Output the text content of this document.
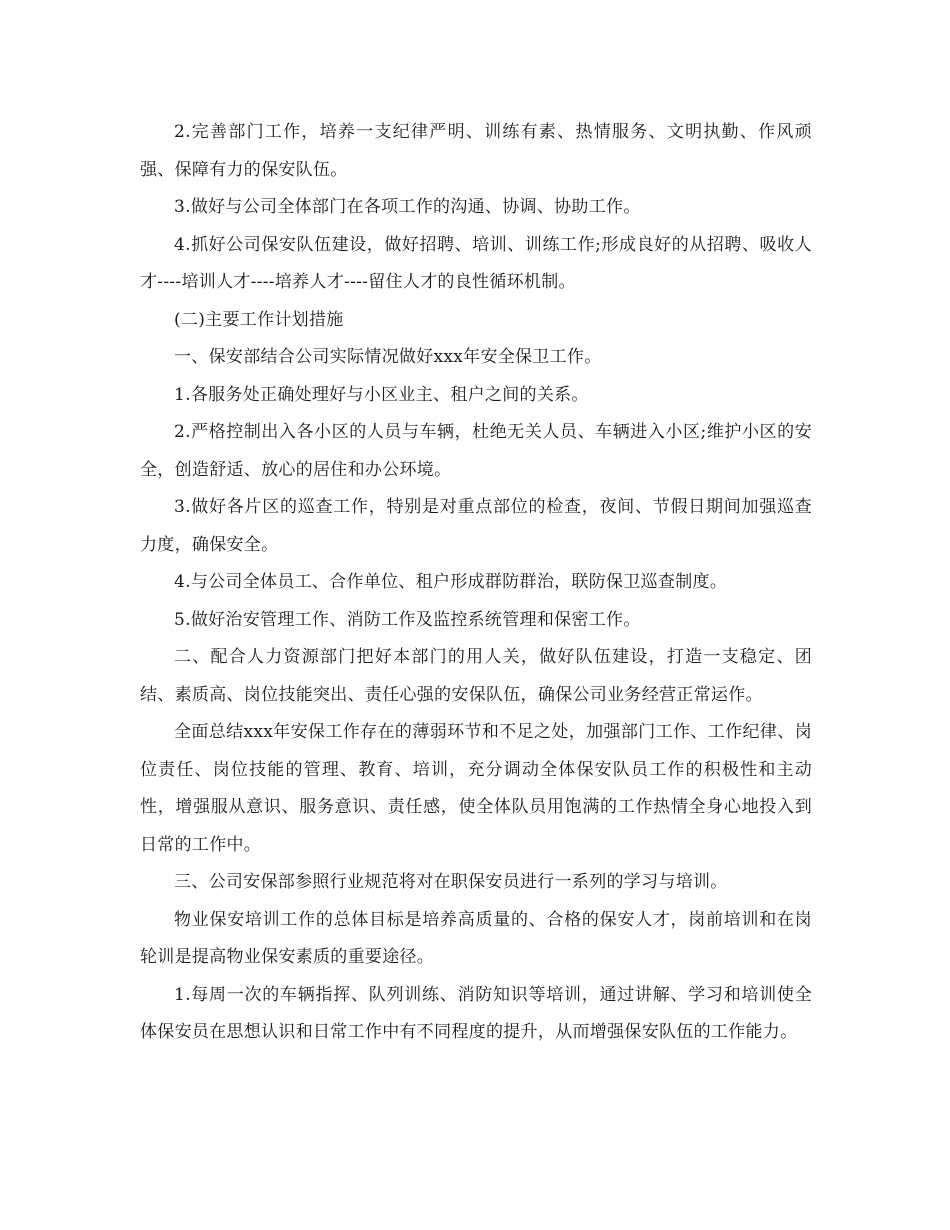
2.完善部门工作，培养一支纪律严明、训练有素、热情服务、文明执勤、作风顽强、保障有力的保安队伍。

3.做好与公司全体部门在各项工作的沟通、协调、协助工作。

4.抓好公司保安队伍建设，做好招聘、培训、训练工作;形成良好的从招聘、吸收人才----培训人才----培养人才----留住人才的良性循环机制。

(二)主要工作计划措施

一、保安部结合公司实际情况做好xxx年安全保卫工作。

1.各服务处正确处理好与小区业主、租户之间的关系。

2.严格控制出入各小区的人员与车辆，杜绝无关人员、车辆进入小区;维护小区的安全，创造舒适、放心的居住和办公环境。

3.做好各片区的巡查工作，特别是对重点部位的检查，夜间、节假日期间加强巡查力度，确保安全。

4.与公司全体员工、合作单位、租户形成群防群治，联防保卫巡查制度。

5.做好治安管理工作、消防工作及监控系统管理和保密工作。

二、配合人力资源部门把好本部门的用人关，做好队伍建设，打造一支稳定、团结、素质高、岗位技能突出、责任心强的安保队伍，确保公司业务经营正常运作。

全面总结xxx年安保工作存在的薄弱环节和不足之处，加强部门工作、工作纪律、岗位责任、岗位技能的管理、教育、培训，充分调动全体保安队员工作的积极性和主动性，增强服从意识、服务意识、责任感，使全体队员用饱满的工作热情全身心地投入到日常的工作中。

三、公司安保部参照行业规范将对在职保安员进行一系列的学习与培训。

物业保安培训工作的总体目标是培养高质量的、合格的保安人才，岗前培训和在岗轮训是提高物业保安素质的重要途径。

1.每周一次的车辆指挥、队列训练、消防知识等培训，通过讲解、学习和培训使全体保安员在思想认识和日常工作中有不同程度的提升，从而增强保安队伍的工作能力。
